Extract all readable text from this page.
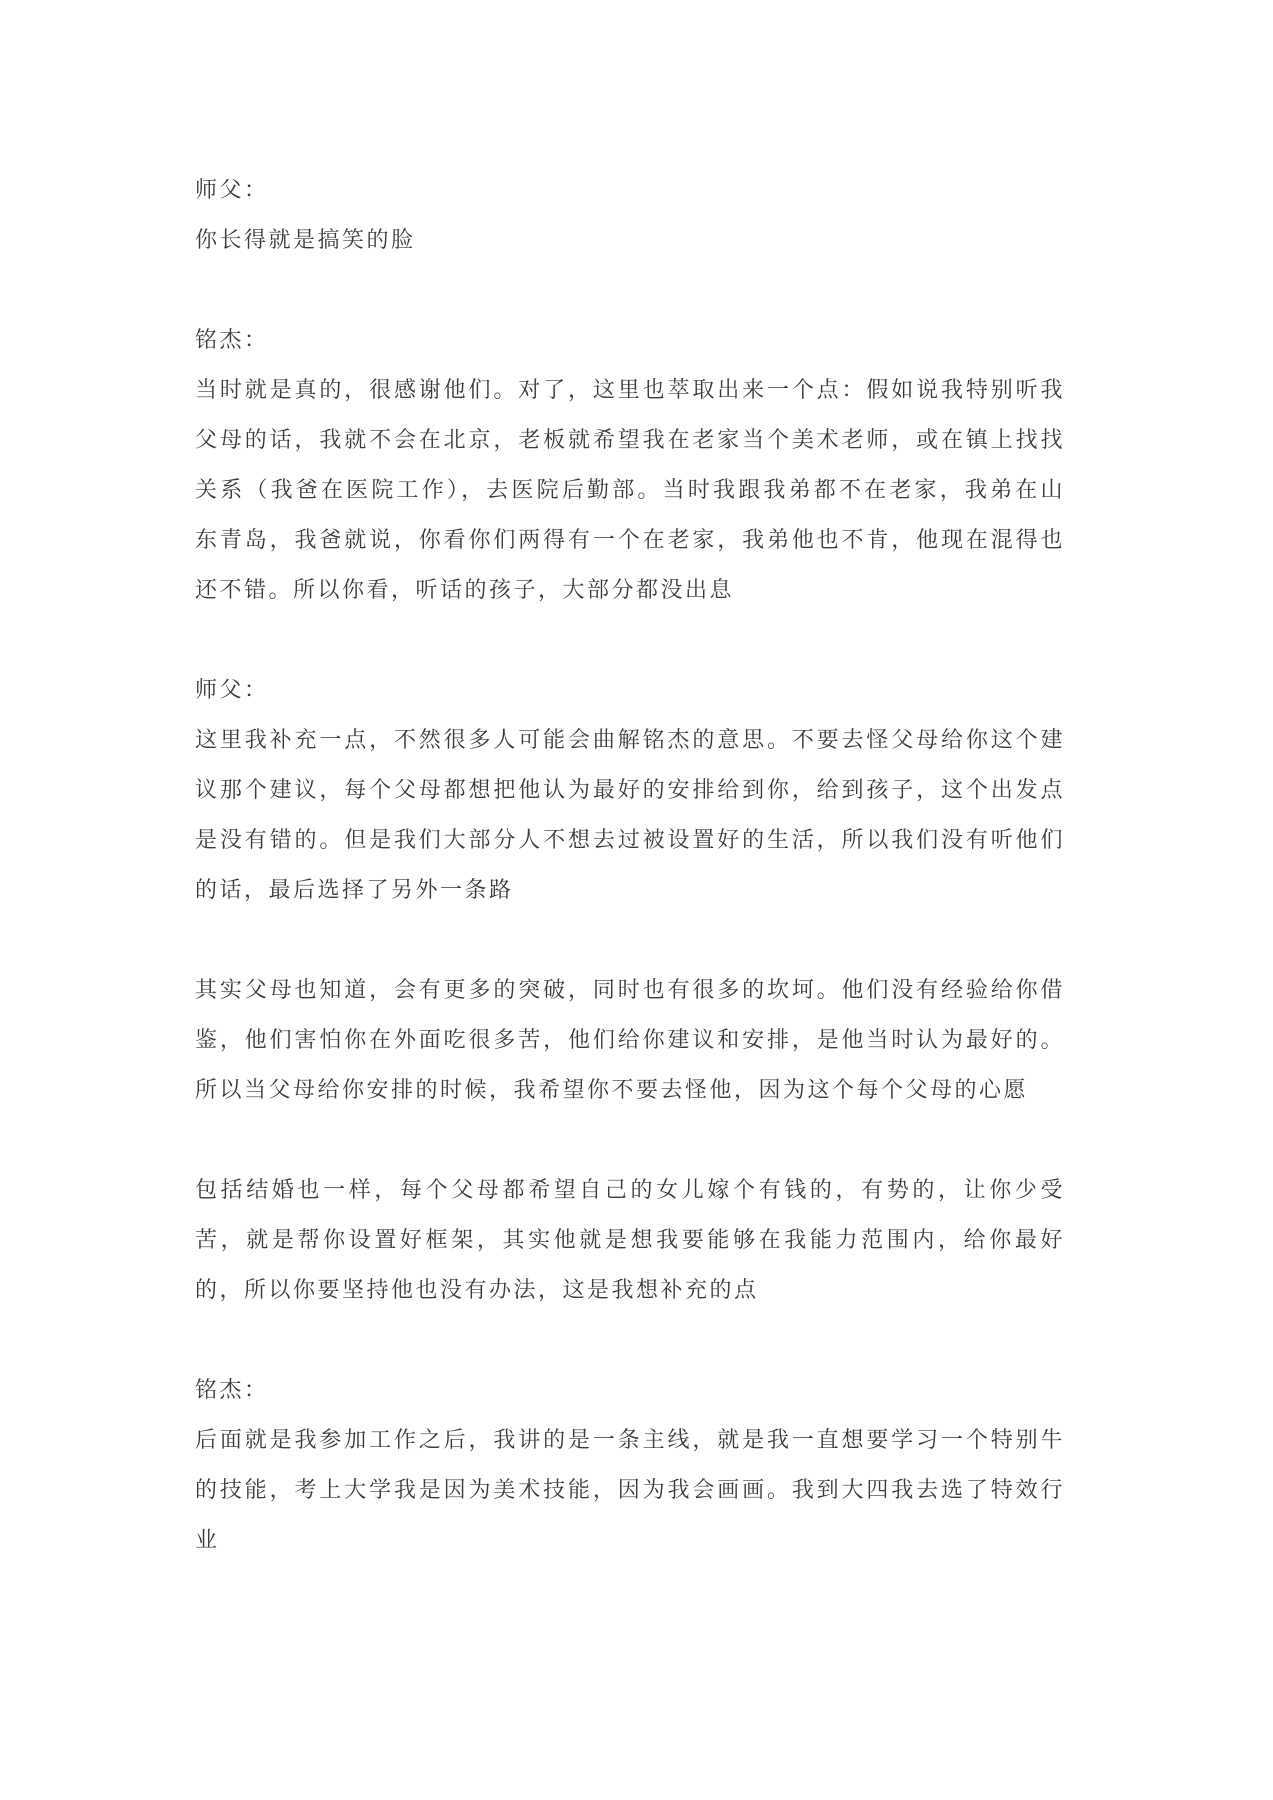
师父：

你长得就是搞笑的脸

铭杰：

当时就是真的，很感谢他们。对了，这里也萃取出来一个点：假如说我特别听我父母的话，我就不会在北京，老板就希望我在老家当个美术老师，或在镇上找找关系（我爸在医院工作），去医院后勤部。当时我跟我弟都不在老家，我弟在山东青岛，我爸就说，你看你们两得有一个在老家，我弟他也不肯，他现在混得也还不错。所以你看，听话的孩子，大部分都没出息

师父：

这里我补充一点，不然很多人可能会曲解铭杰的意思。不要去怪父母给你这个建议那个建议，每个父母都想把他认为最好的安排给到你，给到孩子，这个出发点是没有错的。但是我们大部分人不想去过被设置好的生活，所以我们没有听他们的话，最后选择了另外一条路

其实父母也知道，会有更多的突破，同时也有很多的坎坷。他们没有经验给你借鉴，他们害怕你在外面吃很多苦，他们给你建议和安排，是他当时认为最好的。所以当父母给你安排的时候，我希望你不要去怪他，因为这个每个父母的心愿

包括结婚也一样，每个父母都希望自己的女儿嫁个有钱的，有势的，让你少受苦，就是帮你设置好框架，其实他就是想我要能够在我能力范围内，给你最好的，所以你要坚持他也没有办法，这是我想补充的点

铭杰：

后面就是我参加工作之后，我讲的是一条主线，就是我一直想要学习一个特别牛的技能，考上大学我是因为美术技能，因为我会画画。我到大四我去选了特效行业
